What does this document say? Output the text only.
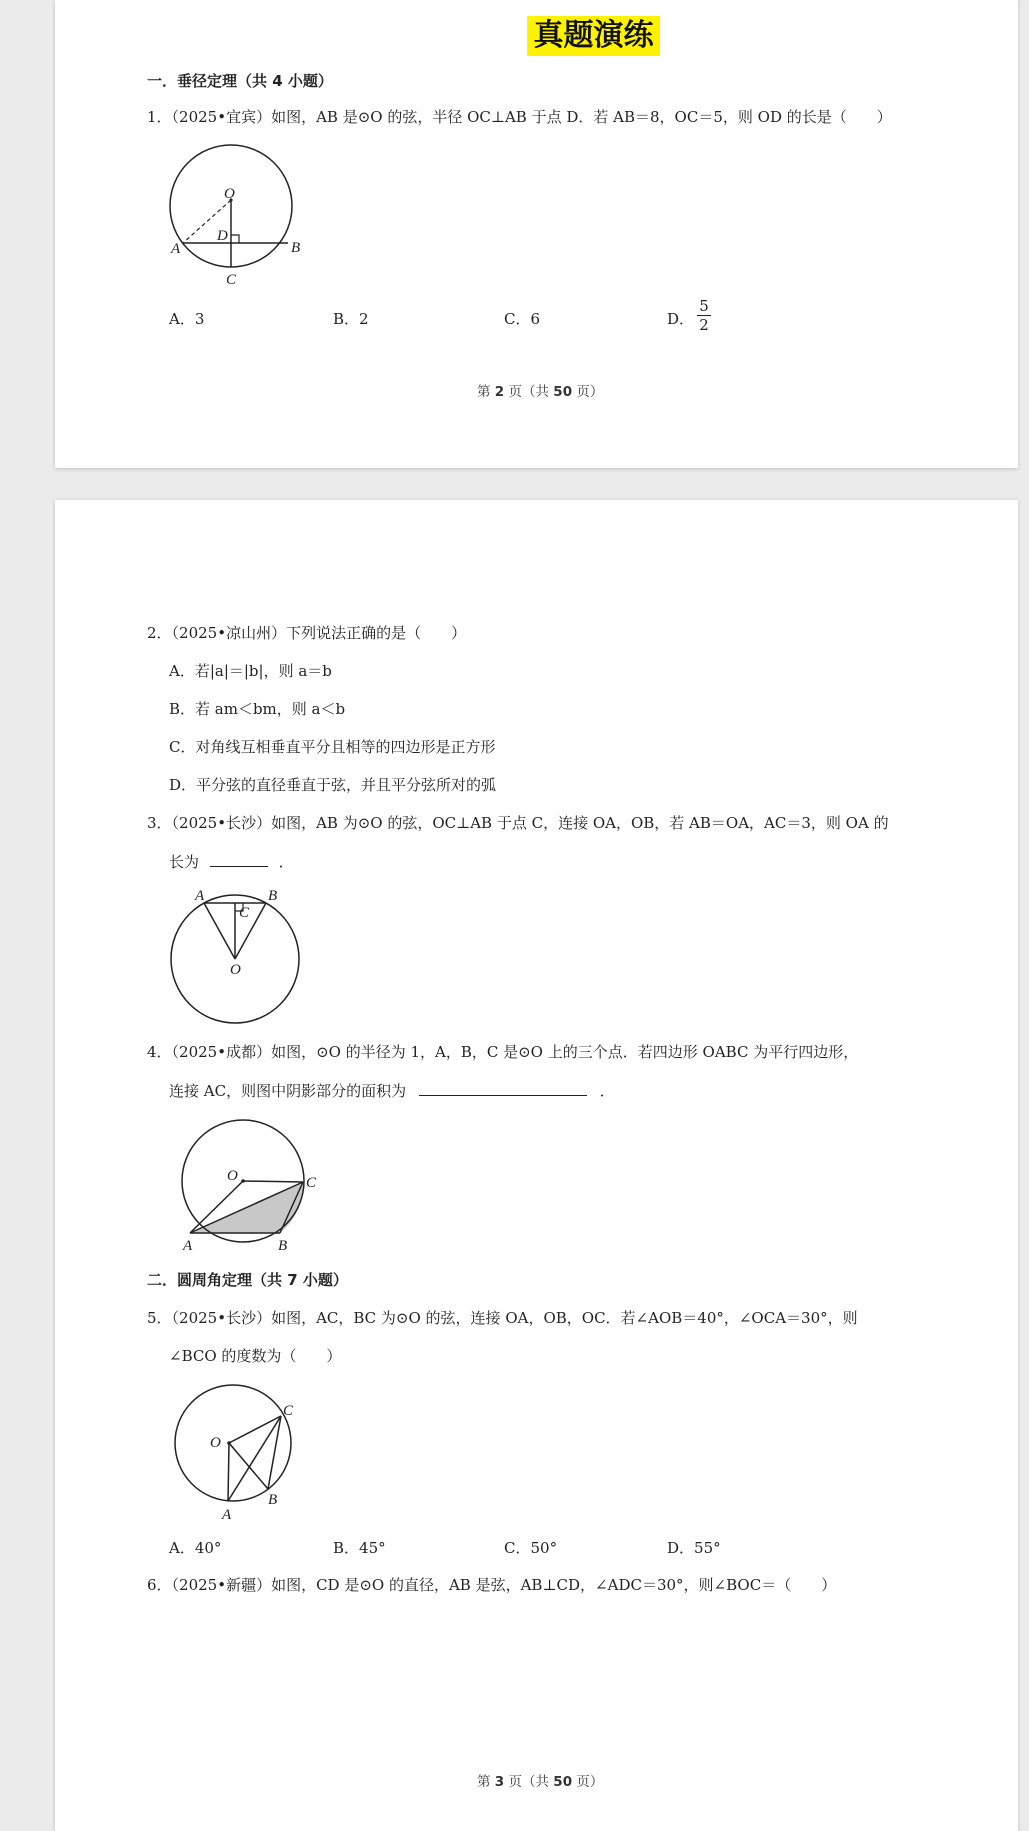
真题演练
一．垂径定理（共 4 小题）
1．（2025•宜宾）如图，AB 是⊙O 的弦，半径 OC⊥AB 于点 D．若 AB＝8，OC＝5，则 OD 的长是（　　）
O
D
A	B
C
A．3	B．2	C．6	D． $\frac{5}{2}$
第 2 页（共 50 页）
2．（2025•凉山州）下列说法正确的是（　　）
A．若|a|＝|b|，则 a＝b
B．若 am＜bm，则 a＜b
C．对角线互相垂直平分且相等的四边形是正方形
D．平分弦的直径垂直于弦，并且平分弦所对的弧
3．（2025•长沙）如图，AB 为⊙O 的弦，OC⊥AB 于点 C，连接 OA，OB，若 AB＝OA，AC＝3，则 OA 的
长为	．
A	B
C
O
4．（2025•成都）如图，⊙O 的半径为 1，A，B，C 是⊙O 上的三个点．若四边形 OABC 为平行四边形，
连接 AC，则图中阴影部分的面积为	．
O	C
A	B
二．圆周角定理（共 7 小题）
5．（2025•长沙）如图，AC，BC 为⊙O 的弦，连接 OA，OB，OC．若∠AOB＝40°，∠OCA＝30°，则
∠BCO 的度数为（　　）
O
C
B
A
A．40°	B．45°	C．50°	D．55°
6．（2025•新疆）如图，CD 是⊙O 的直径，AB 是弦，AB⊥CD，∠ADC＝30°，则∠BOC＝（　　）
第 3 页（共 50 页）
